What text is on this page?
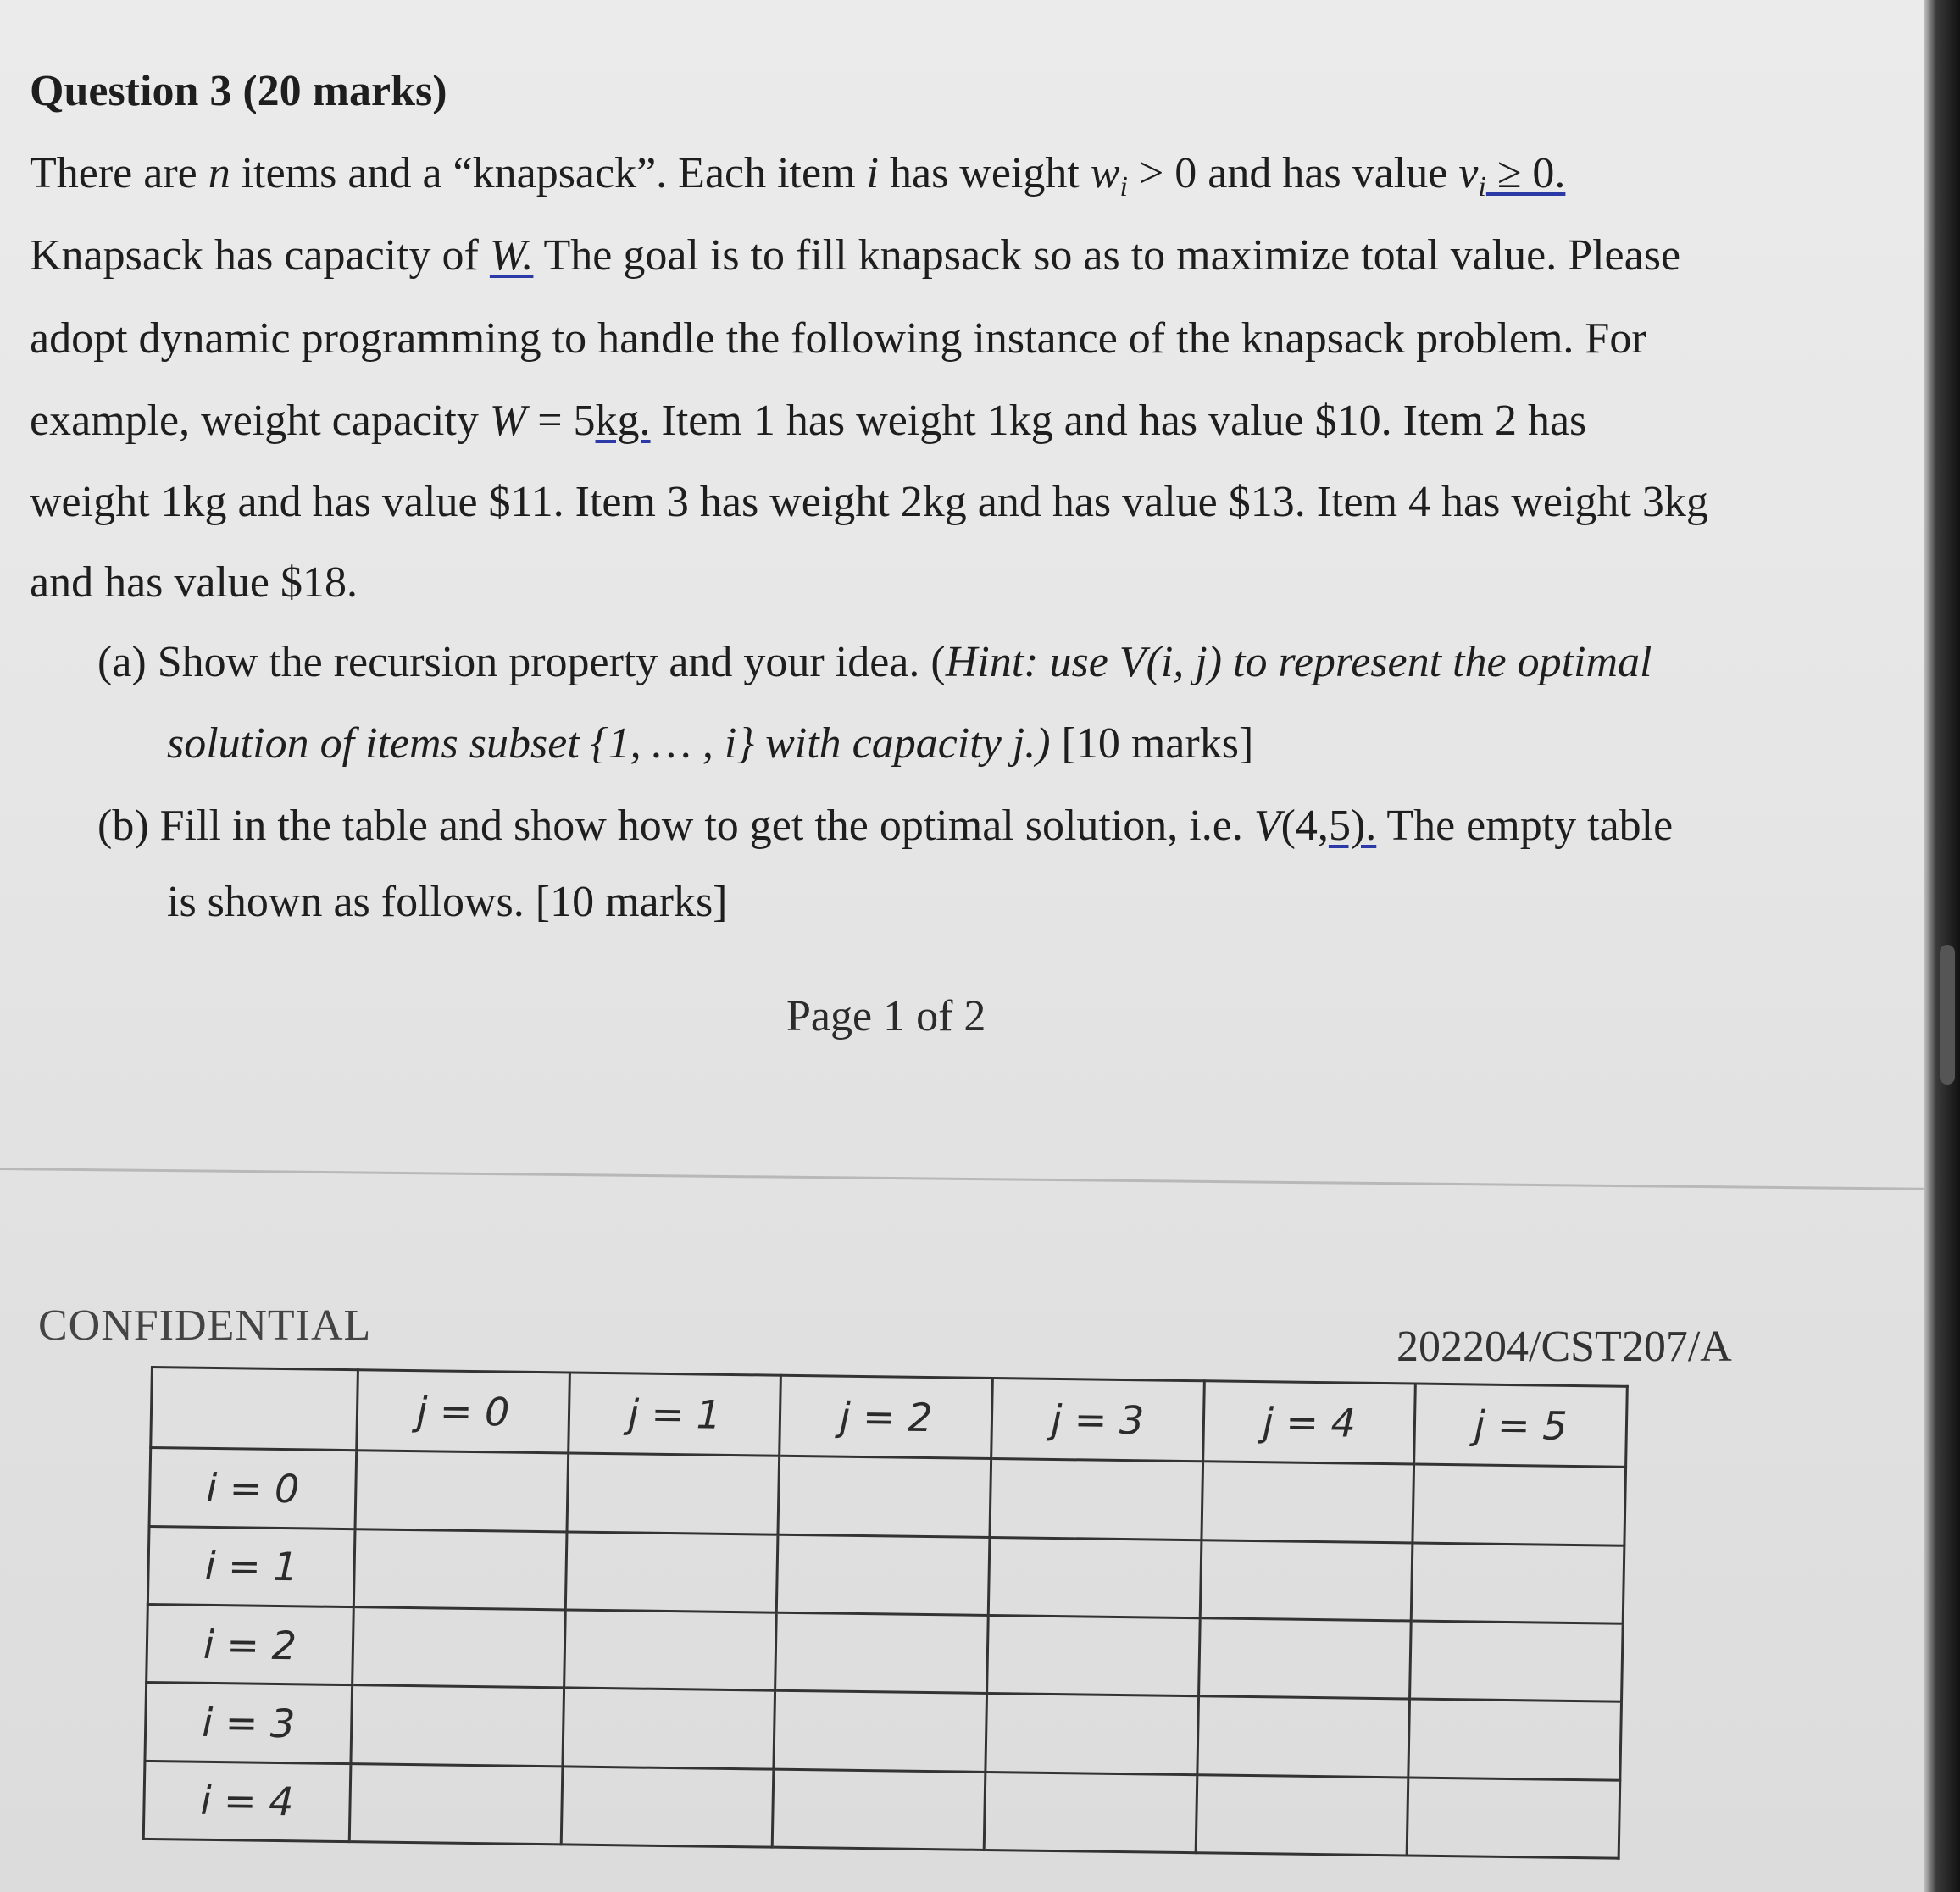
Question 3 (20 marks)
There are n items and a “knapsack”. Each item i has weight $w_i > 0$ and has value $v_i \ge 0$.
Knapsack has capacity of W. The goal is to fill knapsack so as to maximize total value. Please
adopt dynamic programming to handle the following instance of the knapsack problem. For
example, weight capacity W = 5kg. Item 1 has weight 1kg and has value $10. Item 2 has
weight 1kg and has value $11. Item 3 has weight 2kg and has value $13. Item 4 has weight 3kg
and has value $18.
(a) Show the recursion property and your idea. (Hint: use V(i, j) to represent the optimal
solution of items subset {1, … , i} with capacity j.) [10 marks]
(b) Fill in the table and show how to get the optimal solution, i.e. V(4,5). The empty table
is shown as follows. [10 marks]
Page 1 of 2
CONFIDENTIAL	202204/CST207/A
	j = 0	j = 1	j = 2	j = 3	j = 4	j = 5
i = 0						
i = 1						
i = 2						
i = 3						
i = 4						
